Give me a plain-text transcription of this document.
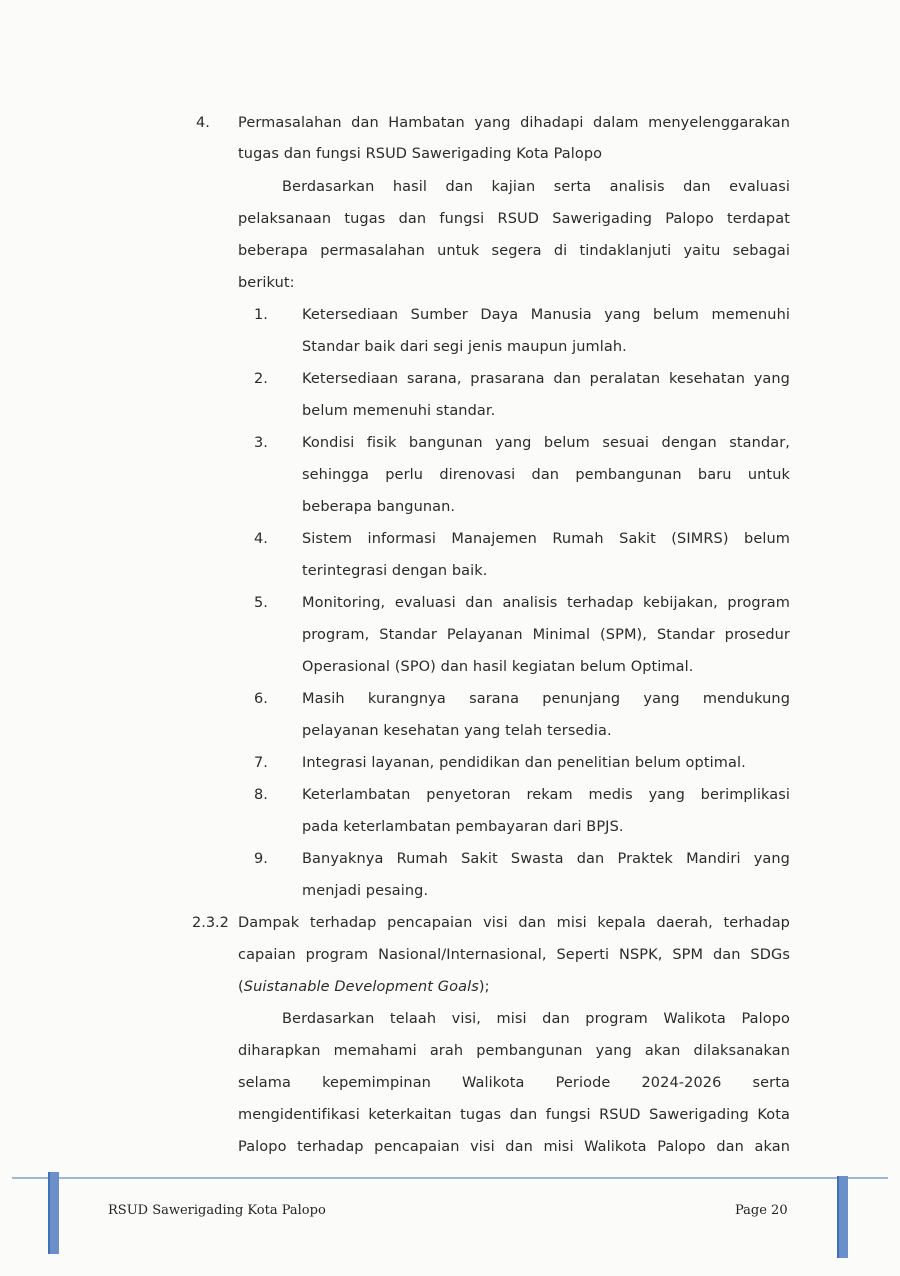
4. Permasalahan dan Hambatan yang dihadapi dalam menyelenggarakan
tugas dan fungsi RSUD Sawerigading Kota Palopo
Berdasarkan hasil dan kajian serta analisis dan evaluasi
pelaksanaan tugas dan fungsi RSUD Sawerigading Palopo terdapat
beberapa permasalahan untuk segera di tindaklanjuti yaitu sebagai
berikut:
1. Ketersediaan Sumber Daya Manusia yang belum memenuhi
Standar baik dari segi jenis maupun jumlah.
2. Ketersediaan sarana, prasarana dan peralatan kesehatan yang
belum memenuhi standar.
3. Kondisi fisik bangunan yang belum sesuai dengan standar,
sehingga perlu direnovasi dan pembangunan baru untuk
beberapa bangunan.
4. Sistem informasi Manajemen Rumah Sakit (SIMRS) belum
terintegrasi dengan baik.
5. Monitoring, evaluasi dan analisis terhadap kebijakan, program
program, Standar Pelayanan Minimal (SPM), Standar prosedur
Operasional (SPO) dan hasil kegiatan belum Optimal.
6. Masih kurangnya sarana penunjang yang mendukung
pelayanan kesehatan yang telah tersedia.
7. Integrasi layanan, pendidikan dan penelitian belum optimal.
8. Keterlambatan penyetoran rekam medis yang berimplikasi
pada keterlambatan pembayaran dari BPJS.
9. Banyaknya Rumah Sakit Swasta dan Praktek Mandiri yang
menjadi pesaing.
2.3.2 Dampak terhadap pencapaian visi dan misi kepala daerah, terhadap
capaian program Nasional/Internasional, Seperti NSPK, SPM dan SDGs
(Suistanable Development Goals);
Berdasarkan telaah visi, misi dan program Walikota Palopo
diharapkan memahami arah pembangunan yang akan dilaksanakan
selama kepemimpinan Walikota Periode 2024-2026 serta
mengidentifikasi keterkaitan tugas dan fungsi RSUD Sawerigading Kota
Palopo terhadap pencapaian visi dan misi Walikota Palopo dan akan
RSUD Sawerigading Kota Palopo	Page 20
